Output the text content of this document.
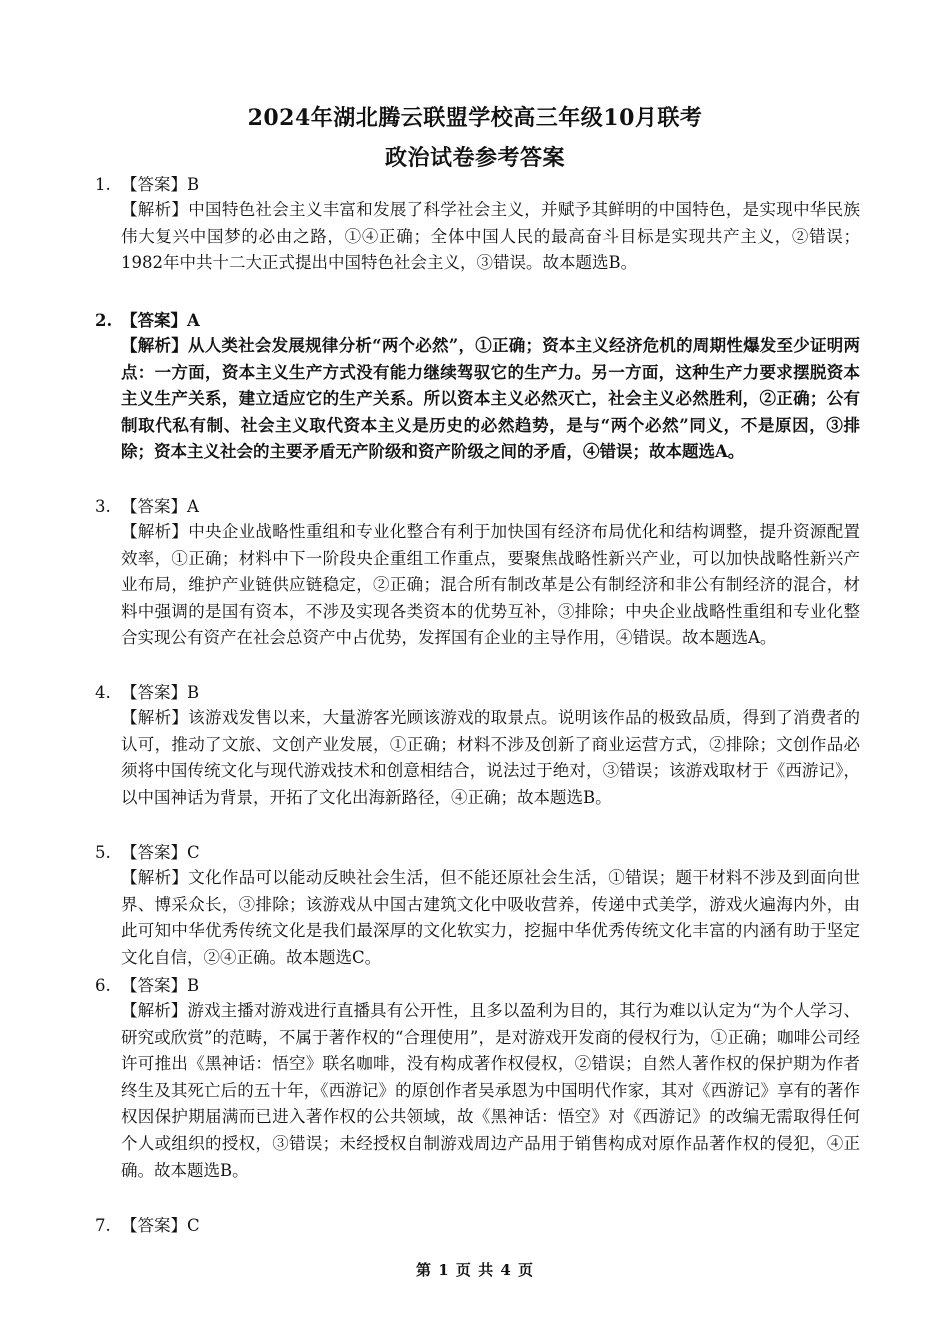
2024年湖北腾云联盟学校高三年级10月联考
政治试卷参考答案
1. 【答案】B
【解析】中国特色社会主义丰富和发展了科学社会主义，并赋予其鲜明的中国特色，是实现中华民族伟大复兴中国梦的必由之路，①④正确；全体中国人民的最高奋斗目标是实现共产主义，②错误；1982年中共十二大正式提出中国特色社会主义，③错误。故本题选B。
2. 【答案】A
【解析】从人类社会发展规律分析“两个必然”，①正确；资本主义经济危机的周期性爆发至少证明两点：一方面，资本主义生产方式没有能力继续驾驭它的生产力。另一方面，这种生产力要求摆脱资本主义生产关系，建立适应它的生产关系。所以资本主义必然灭亡，社会主义必然胜利，②正确；公有制取代私有制、社会主义取代资本主义是历史的必然趋势，是与“两个必然”同义，不是原因，③排除；资本主义社会的主要矛盾无产阶级和资产阶级之间的矛盾，④错误；故本题选A。
3. 【答案】A
【解析】中央企业战略性重组和专业化整合有利于加快国有经济布局优化和结构调整，提升资源配置效率，①正确；材料中下一阶段央企重组工作重点，要聚焦战略性新兴产业，可以加快战略性新兴产业布局，维护产业链供应链稳定，②正确；混合所有制改革是公有制经济和非公有制经济的混合，材料中强调的是国有资本，不涉及实现各类资本的优势互补，③排除；中央企业战略性重组和专业化整合实现公有资产在社会总资产中占优势，发挥国有企业的主导作用，④错误。故本题选A。
4. 【答案】B
【解析】该游戏发售以来，大量游客光顾该游戏的取景点。说明该作品的极致品质，得到了消费者的认可，推动了文旅、文创产业发展，①正确；材料不涉及创新了商业运营方式，②排除；文创作品必须将中国传统文化与现代游戏技术和创意相结合，说法过于绝对，③错误；该游戏取材于《西游记》，以中国神话为背景，开拓了文化出海新路径，④正确；故本题选B。
5. 【答案】C
【解析】文化作品可以能动反映社会生活，但不能还原社会生活，①错误；题干材料不涉及到面向世界、博采众长，③排除；该游戏从中国古建筑文化中吸收营养，传递中式美学，游戏火遍海内外，由此可知中华优秀传统文化是我们最深厚的文化软实力，挖掘中华优秀传统文化丰富的内涵有助于坚定文化自信，②④正确。故本题选C。
6. 【答案】B
【解析】游戏主播对游戏进行直播具有公开性，且多以盈利为目的，其行为难以认定为“为个人学习、研究或欣赏”的范畴，不属于著作权的“合理使用”，是对游戏开发商的侵权行为，①正确；咖啡公司经许可推出《黑神话：悟空》联名咖啡，没有构成著作权侵权，②错误；自然人著作权的保护期为作者终生及其死亡后的五十年，《西游记》的原创作者吴承恩为中国明代作家，其对《西游记》享有的著作权因保护期届满而已进入著作权的公共领域，故《黑神话：悟空》对《西游记》的改编无需取得任何个人或组织的授权，③错误；未经授权自制游戏周边产品用于销售构成对原作品著作权的侵犯，④正确。故本题选B。
7. 【答案】C
第 1 页 共 4 页
